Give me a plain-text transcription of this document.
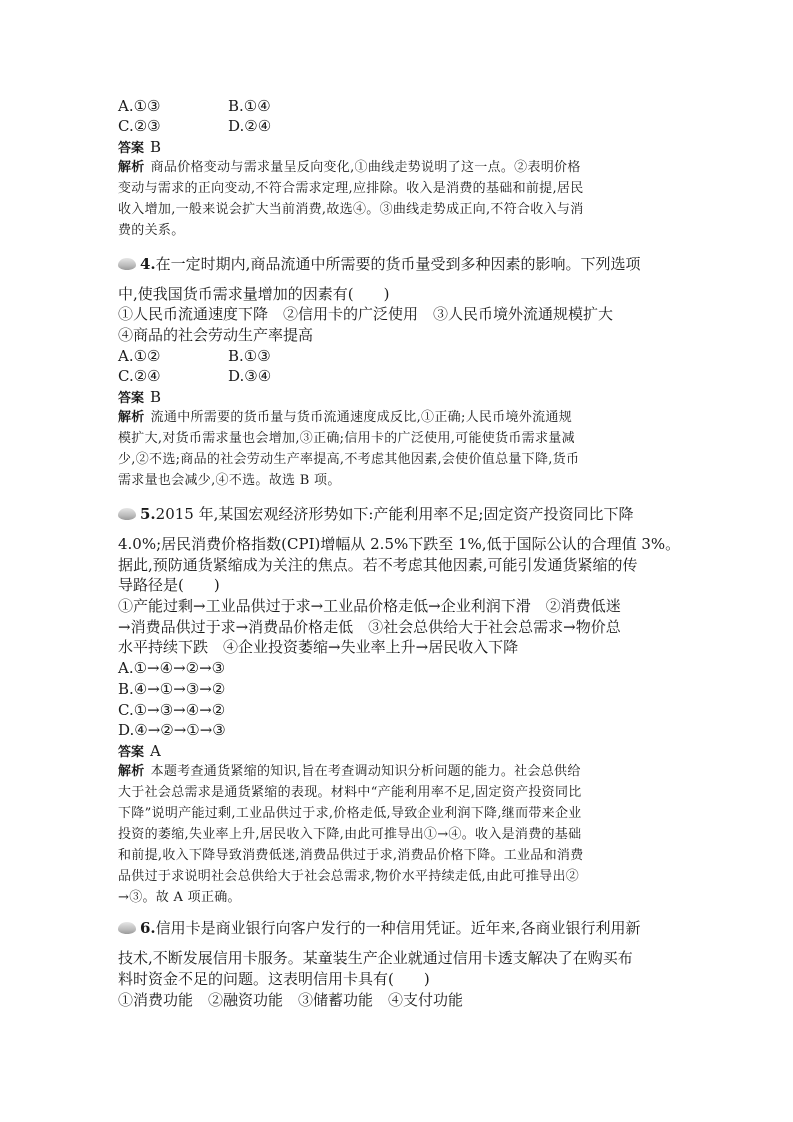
A.①③	B.①④
C.②③	D.②④
答案 B
解析 商品价格变动与需求量呈反向变化,①曲线走势说明了这一点。②表明价格
变动与需求的正向变动,不符合需求定理,应排除。收入是消费的基础和前提,居民
收入增加,一般来说会扩大当前消费,故选④。③曲线走势成正向,不符合收入与消
费的关系。
4.在一定时期内,商品流通中所需要的货币量受到多种因素的影响。下列选项
中,使我国货币需求量增加的因素有(　　)
①人民币流通速度下降　②信用卡的广泛使用　③人民币境外流通规模扩大
④商品的社会劳动生产率提高
A.①②	B.①③
C.②④	D.③④
答案 B
解析 流通中所需要的货币量与货币流通速度成反比,①正确;人民币境外流通规
模扩大,对货币需求量也会增加,③正确;信用卡的广泛使用,可能使货币需求量减
少,②不选;商品的社会劳动生产率提高,不考虑其他因素,会使价值总量下降,货币
需求量也会减少,④不选。故选 B 项。
5.2015 年,某国宏观经济形势如下:产能利用率不足;固定资产投资同比下降
4.0%;居民消费价格指数(CPI)增幅从 2.5%下跌至 1%,低于国际公认的合理值 3%。
据此,预防通货紧缩成为关注的焦点。若不考虑其他因素,可能引发通货紧缩的传
导路径是(　　)
①产能过剩→工业品供过于求→工业品价格走低→企业利润下滑　②消费低迷
→消费品供过于求→消费品价格走低　③社会总供给大于社会总需求→物价总
水平持续下跌　④企业投资萎缩→失业率上升→居民收入下降
A.①→④→②→③
B.④→①→③→②
C.①→③→④→②
D.④→②→①→③
答案 A
解析 本题考查通货紧缩的知识,旨在考查调动知识分析问题的能力。社会总供给
大于社会总需求是通货紧缩的表现。材料中“产能利用率不足,固定资产投资同比
下降”说明产能过剩,工业品供过于求,价格走低,导致企业利润下降,继而带来企业
投资的萎缩,失业率上升,居民收入下降,由此可推导出①→④。收入是消费的基础
和前提,收入下降导致消费低迷,消费品供过于求,消费品价格下降。工业品和消费
品供过于求说明社会总供给大于社会总需求,物价水平持续走低,由此可推导出②
→③。故 A 项正确。
6.信用卡是商业银行向客户发行的一种信用凭证。近年来,各商业银行利用新
技术,不断发展信用卡服务。某童装生产企业就通过信用卡透支解决了在购买布
料时资金不足的问题。这表明信用卡具有(　　)
①消费功能　②融资功能　③储蓄功能　④支付功能
